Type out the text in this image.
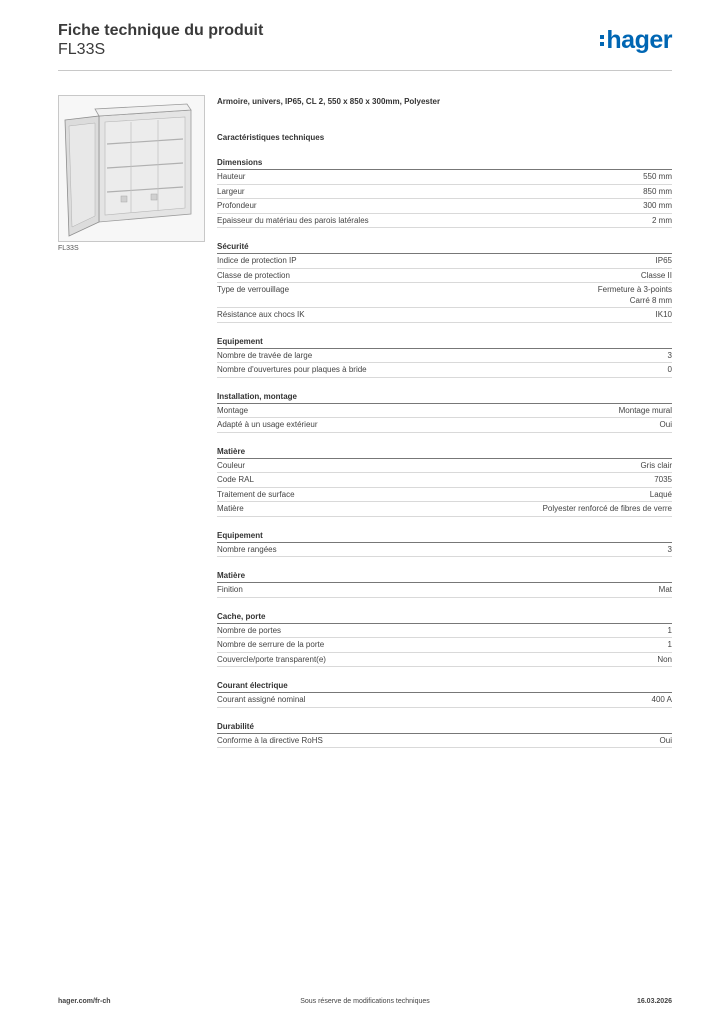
Fiche technique du produit
FL33S	hager
FL33S
Armoire, univers, IP65, CL 2, 550 x 850 x 300mm, Polyester
Caractéristiques techniques
Dimensions
Hauteur	550 mm
Largeur	850 mm
Profondeur	300 mm
Epaisseur du matériau des parois latérales	2 mm
Sécurité
Indice de protection IP	IP65
Classe de protection	Classe II
Type de verrouillage	Fermeture à 3-points
Carré 8 mm
Résistance aux chocs IK	IK10
Equipement
Nombre de travée de large	3
Nombre d'ouvertures pour plaques à bride	0
Installation, montage
Montage	Montage mural
Adapté à un usage extérieur	Oui
Matière
Couleur	Gris clair
Code RAL	7035
Traitement de surface	Laqué
Matière	Polyester renforcé de fibres de verre
Equipement
Nombre rangées	3
Matière
Finition	Mat
Cache, porte
Nombre de portes	1
Nombre de serrure de la porte	1
Couvercle/porte transparent(e)	Non
Courant électrique
Courant assigné nominal	400 A
Durabilité
Conforme à la directive RoHS	Oui
hager.com/fr-ch	Sous réserve de modifications techniques	16.03.2026
